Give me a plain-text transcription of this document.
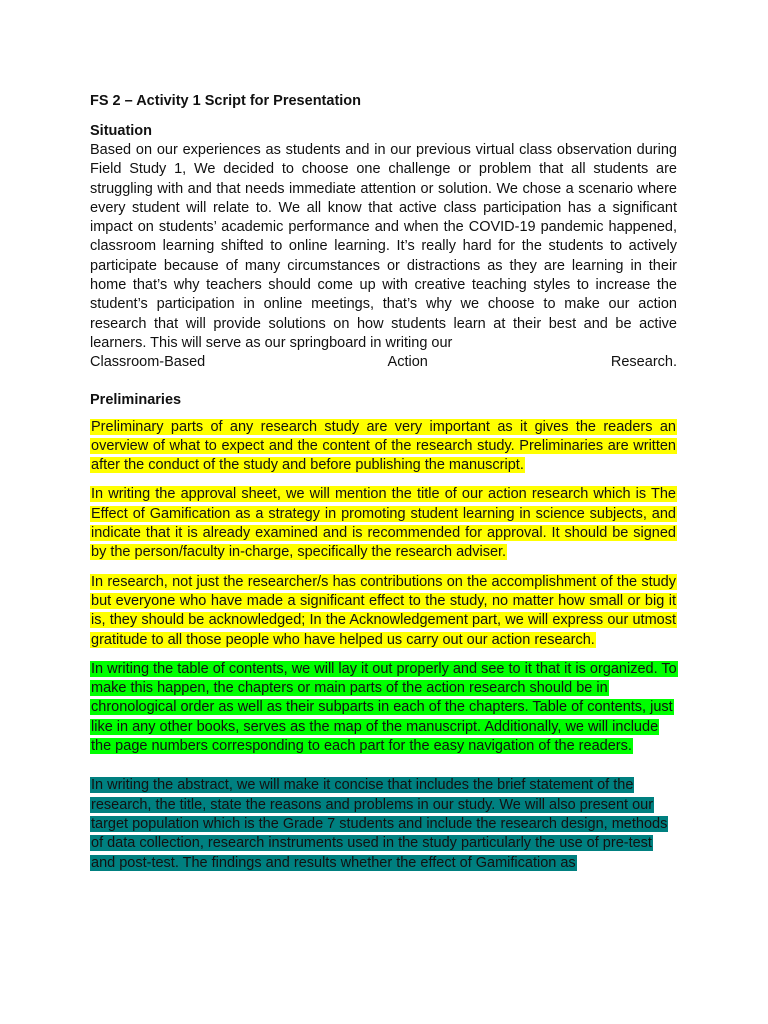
FS 2 – Activity 1 Script for Presentation

Situation

Based on our experiences as students and in our previous virtual class observation during Field Study 1, We decided to choose one challenge or problem that all students are struggling with and that needs immediate attention or solution. We chose a scenario where every student will relate to. We all know that active class participation has a significant impact on students’ academic performance and when the COVID-19 pandemic happened, classroom learning shifted to online learning. It’s really hard for the students to actively participate because of many circumstances or distractions as they are learning in their home that’s why teachers should come up with creative teaching styles to increase the student’s participation in online meetings, that’s why we choose to make our action research that will provide solutions on how students learn at their best and be active learners. This will serve as our springboard in writing our

Classroom-Based Action Research.

Preliminaries

Preliminary parts of any research study are very important as it gives the readers an overview of what to expect and the content of the research study. Preliminaries are written after the conduct of the study and before publishing the manuscript.

In writing the approval sheet, we will mention the title of our action research which is The Effect of Gamification as a strategy in promoting student learning in science subjects, and indicate that it is already examined and is recommended for approval. It should be signed by the person/faculty in-charge, specifically the research adviser.

In research, not just the researcher/s has contributions on the accomplishment of the study but everyone who have made a significant effect to the study, no matter how small or big it is, they should be acknowledged; In the Acknowledgement part, we will express our utmost gratitude to all those people who have helped us carry out our action research.

In writing the table of contents, we will lay it out properly and see to it that it is organized. To make this happen, the chapters or main parts of the action research should be in chronological order as well as their subparts in each of the chapters. Table of contents, just like in any other books, serves as the map of the manuscript. Additionally, we will include the page numbers corresponding to each part for the easy navigation of the readers.

In writing the abstract, we will make it concise that includes the brief statement of the research, the title, state the reasons and problems in our study. We will also present our target population which is the Grade 7 students and include the research design, methods of data collection, research instruments used in the study particularly the use of pre-test and post-test. The findings and results whether the effect of Gamification as
